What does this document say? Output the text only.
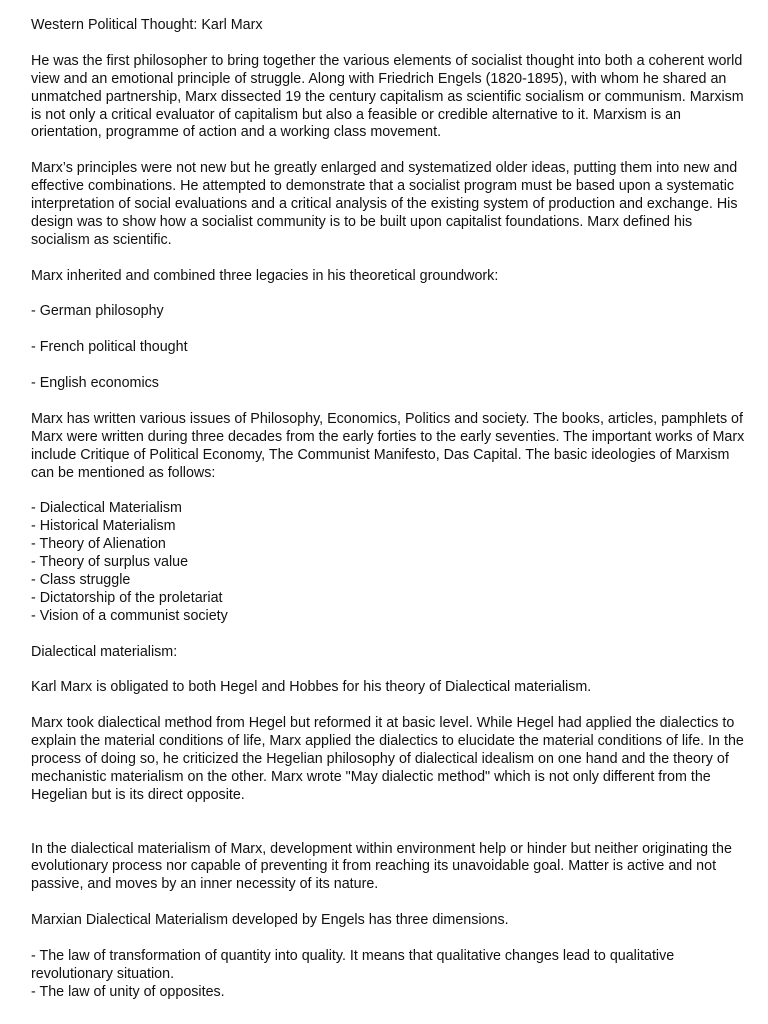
Western Political Thought: Karl Marx

He was the first philosopher to bring together the various elements of socialist thought into both a coherent world view and an emotional principle of struggle. Along with Friedrich Engels (1820-1895), with whom he shared an unmatched partnership, Marx dissected 19 the century capitalism as scientific socialism or communism. Marxism is not only a critical evaluator of capitalism but also a feasible or credible alternative to it. Marxism is an orientation, programme of action and a working class movement.

Marx’s principles were not new but he greatly enlarged and systematized older ideas, putting them into new and effective combinations. He attempted to demonstrate that a socialist program must be based upon a systematic interpretation of social evaluations and a critical analysis of the existing system of production and exchange. His design was to show how a socialist community is to be built upon capitalist foundations. Marx defined his socialism as scientific.

Marx inherited and combined three legacies in his theoretical groundwork:

- German philosophy

- French political thought

- English economics

Marx has written various issues of Philosophy, Economics, Politics and society. The books, articles, pamphlets of Marx were written during three decades from the early forties to the early seventies. The important works of Marx include Critique of Political Economy, The Communist Manifesto, Das Capital. The basic ideologies of Marxism can be mentioned as follows:

- Dialectical Materialism
- Historical Materialism
- Theory of Alienation
- Theory of surplus value
- Class struggle
- Dictatorship of the proletariat
- Vision of a communist society

Dialectical materialism:

Karl Marx is obligated to both Hegel and Hobbes for his theory of Dialectical materialism.

Marx took dialectical method from Hegel but reformed it at basic level. While Hegel had applied the dialectics to explain the material conditions of life, Marx applied the dialectics to elucidate the material conditions of life. In the process of doing so, he criticized the Hegelian philosophy of dialectical idealism on one hand and the theory of mechanistic materialism on the other. Marx wrote "May dialectic method" which is not only different from the Hegelian but is its direct opposite.

In the dialectical materialism of Marx, development within environment help or hinder but neither originating the evolutionary process nor capable of preventing it from reaching its unavoidable goal. Matter is active and not passive, and moves by an inner necessity of its nature.

Marxian Dialectical Materialism developed by Engels has three dimensions.

- The law of transformation of quantity into quality. It means that qualitative changes lead to qualitative revolutionary situation.

- The law of unity of opposites.
